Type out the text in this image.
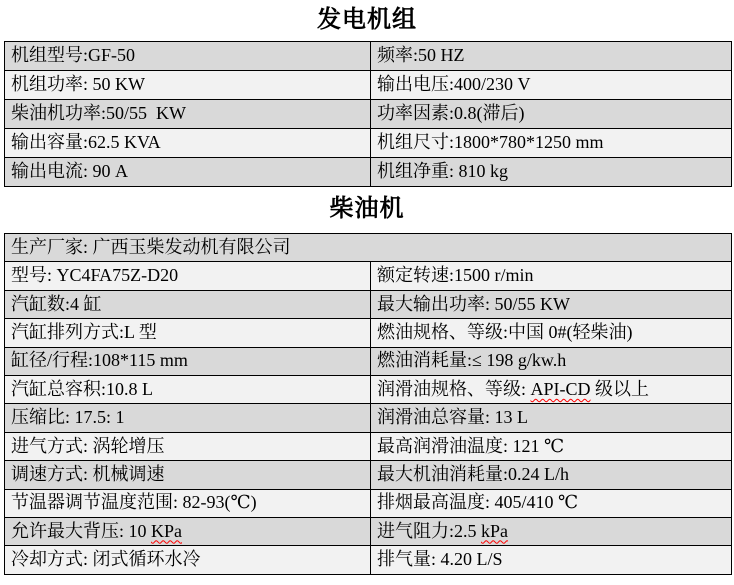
发电机组
机组型号:GF-50	频率:50 HZ
机组功率: 50 KW	输出电压:400/230 V
柴油机功率:50/55  KW	功率因素:0.8(滞后)
输出容量:62.5 KVA	机组尺寸:1800*780*1250 mm
输出电流: 90 A	机组净重: 810 kg
柴油机
生产厂家: 广西玉柴发动机有限公司	
型号: YC4FA75Z-D20	额定转速:1500 r/min
汽缸数:4 缸	最大输出功率: 50/55 KW
汽缸排列方式:L 型	燃油规格、等级:中国 0#(轻柴油)
缸径/行程:108*115 mm	燃油消耗量:≤ 198 g/kw.h
汽缸总容积:10.8 L	润滑油规格、等级: API-CD 级以上
压缩比: 17.5: 1	润滑油总容量: 13 L
进气方式: 涡轮增压	最高润滑油温度: 121 ℃
调速方式: 机械调速	最大机油消耗量:0.24 L/h
节温器调节温度范围: 82-93(℃)	排烟最高温度: 405/410 ℃
允许最大背压: 10 KPa	进气阻力:2.5 kPa
冷却方式: 闭式循环水冷	排气量: 4.20 L/S
